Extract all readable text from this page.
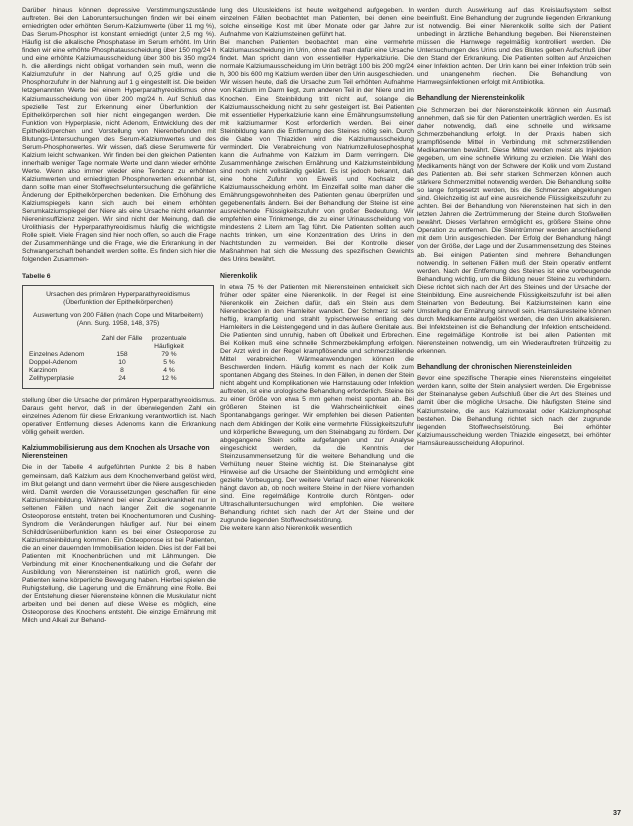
Darüber hinaus können depressive Verstimmungszustände auftreten. Bei den Laboruntersuchungen finden wir bei einem erniedrigten oder erhöhten Serum-Kalziumwerte (über 11 mg %), Das Serum-Phosphor ist konstant erniedrigt (unter 2,5 mg %). Häufig ist die alkalische Phosphatase im Serum erhöht. Im Urin finden wir eine erhöhte Phosphatausscheidung über 150 mg/24 h und eine erhöhte Kalziumausscheidung über 300 bis 350 mg/24 h. die allerdings nicht obligat vorhanden sein muß, wenn die Kalziumzufuhr in der Nahrung auf 0,25 g/die und die Phosphorzufuhr in der Nahrung auf 1 g eingestellt ist. Die beiden letzgenannten Werte bei einem Hyperparathyreoidismus ohne Kalziumausscheidung von über 200 mg/24 h. Auf Schluß das spezielle Test zur Erkennung einer Überfunktion der Epithelkörperchen soll hier nicht eingegangen werden. Die Funktion von Hyperplasie, nicht Adenom, Entwicklung des der Epithelkörperchen und Vorstellung von Nierenbefunden mit Blutungs-Untersuchungen des Serum-Kalziumwertes und des Serum-Phosphorwertes. Wir wissen, daß diese Serumwerte für Kalzium leicht schwanken. Wir finden bei den gleichen Patienten innerhalb weniger Tage normale Werte und dann wieder erhöhte Werte. Wenn also immer wieder eine Tendenz zu erhöhten Kalziumwerten und erniedrigten Phosphorwerten erkennbar ist, dann sollte man einer Stoffwechseluntersuchung die gefährliche Änderung der Epithelkörperchen bedenken. Die Erhöhung des Kalziumspiegels kann sich auch bei einem erhöhten Serumkalziumspiegel der Niere als eine Ursache nicht erkannter Niereninsuffizienz zeigen. Wir sind nicht der Meinung, daß die Urolithiasis der Hyperparathyreoidismus häufig die wichtigste Rolle spielt. Viele Fragen sind hier noch offen, so auch die Frage der Zusammenhänge und die Frage, wie die Erkrankung in der Schwangerschaft behandelt werden sollte. Es finden sich hier die folgenden Zusammen-

Tabelle 6
Ursachen des primären Hyperparathyreoidismus (Überfunktion der Epithelkörperchen)
Auswertung von 200 Fällen (nach Cope und Mitarbeitern) (Ann. Surg. 1958, 148, 375)
Zahl der Fälle	prozentuale Häufigkeit
Einzelnes Adenom	158	79 %
Doppel-Adenom	10	5 %
Karzinom	8	4 %
Zellhyperplasie	24	12 %

stellung über die Ursache der primären Hyperparathyreoidismus. Daraus geht hervor, daß in der überwiegenden Zahl ein einzelnes Adenom für diese Erkrankung verantwortlich ist. Nach operativer Entfernung dieses Adenoms kann die Erkrankung völlig geheilt werden.

Kalziummobilisierung aus dem Knochen als Ursache von Nierensteinen

Die in der Tabelle 4 aufgeführten Punkte 2 bis 8 haben gemeinsam, daß Kalzium aus dem Knochenverband gelöst wird, im Blut gelangt und dann vermehrt über die Niere ausgeschieden wird. Damit werden die Voraussetzungen geschaffen für eine Kalziumsteinbildung. Während bei einer Zuckerkrankheit nur in seltenen Fällen und nach langer Zeit die sogenannte Osteoporose entsteht, treten bei Knochentumoren und Cushing-Syndrom die Veränderungen häufiger auf. Nur bei einem Schilddrüsenüberfunktion kann es bei einer Osteoporose zu Kalziumsteinbildung kommen. Ein Osteoporose ist bei Patienten, die an einer dauernden Immobilisation leiden. Dies ist der Fall bei Patienten mit Knochenbrüchen und mit Lähmungen. Die Verbindung mit einer Knochenentkalkung und die Gefahr der Ausbildung von Nierensteinen ist natürlich groß, wenn die Patienten keine körperliche Bewegung haben. Hierbei spielen die Ruhigstellung, die Lagerung und die Ernährung eine Rolle. Bei der Entstehung dieser Nierensteine können die Muskulatur nicht arbeiten und bei denen auf diese Weise es möglich, eine Osteoporose des Knochens entsteht. Die einzige Ernährung mit Milch und Alkali zur Behand-

lung des Ulcusleidens ist heute weitgehend aufgegeben. In einzelnen Fällen beobachtet man Patienten, bei denen eine solche einseitige Kost mit über Monate oder gar Jahre zur Aufnahme von Kalziumsteinen geführt hat.

Bei manchen Patienten beobachtet man eine vermehrte Kalziumausscheidung im Urin, ohne daß man dafür eine Ursache findet. Man spricht dann von essentieller Hyperkalziurie. Die normale Kalziumausscheidung im Urin beträgt 100 bis 200 mg/24 h, 300 bis 600 mg Kalzium werden über den Urin ausgeschieden. Wir wissen heute, daß die Ursache zum Teil erhöhten Aufnahme von Kalzium im Darm liegt, zum anderen Teil in der Niere und im Knochen. Eine Steinbildung tritt nicht auf, solange die Kalziumausscheidung nicht zu sehr gesteigert ist. Bei Patienten mit essentieller Hyperkalziurie kann eine Ernährungsumstellung mit kalziumarmer Kost erforderlich werden. Bei einer Steinbildung kann die Entfernung des Steines nötig sein. Durch die Gabe von Thiaziden wird die Kalziumausscheidung vermindert. Die Verabreichung von Natriumzellulosephosphat kann die Aufnahme von Kalzium im Darm verringern. Die Zusammenhänge zwischen Ernährung und Kalziumsteinbildung sind noch nicht vollständig geklärt. Es ist jedoch bekannt, daß eine hohe Zufuhr von Eiweiß und Kochsalz die Kalziumausscheidung erhöht. Im Einzelfall sollte man daher die Ernährungsgewohnheiten des Patienten genau überprüfen und gegebenenfalls ändern. Bei der Behandlung der Steine ist eine ausreichende Flüssigkeitszufuhr von großer Bedeutung. Wir empfehlen eine Trinkmenge, die zu einer Urinausscheidung von mindestens 2 Litern am Tag führt. Die Patienten sollten auch nachts trinken, um eine Konzentration des Urins in den Nachtstunden zu vermeiden. Bei der Kontrolle dieser Maßnahmen hat sich die Messung des spezifischen Gewichts des Urins bewährt.

Nierenkolik

In etwa 75 % der Patienten mit Nierensteinen entwickelt sich früher oder später eine Nierenkolik. In der Regel ist eine Nierenkolik ein Zeichen dafür, daß ein Stein aus dem Nierenbecken in den Harnleiter wandert. Der Schmerz ist sehr heftig, krampfartig und strahlt typischerweise entlang des Harnleiters in die Leistengegend und in das äußere Genitale aus. Die Patienten sind unruhig, haben oft Übelkeit und Erbrechen. Bei Koliken muß eine schnelle Schmerzbekämpfung erfolgen. Der Arzt wird in der Regel krampflösende und schmerzstillende Mittel verabreichen. Wärmeanwendungen können die Beschwerden lindern. Häufig kommt es nach der Kolik zum spontanen Abgang des Steines. In den Fällen, in denen der Stein nicht abgeht und Komplikationen wie Harnstauung oder Infektion auftreten, ist eine urologische Behandlung erforderlich. Steine bis zu einer Größe von etwa 5 mm gehen meist spontan ab. Bei größeren Steinen ist die Wahrscheinlichkeit eines Spontanabgangs geringer. Wir empfehlen bei diesen Patienten nach dem Abklingen der Kolik eine vermehrte Flüssigkeitszufuhr und körperliche Bewegung, um den Steinabgang zu fördern. Der abgegangene Stein sollte aufgefangen und zur Analyse eingeschickt werden, da die Kenntnis der Steinzusammensetzung für die weitere Behandlung und die Verhütung neuer Steine wichtig ist. Die Steinanalyse gibt Hinweise auf die Ursache der Steinbildung und ermöglicht eine gezielte Vorbeugung. Der weitere Verlauf nach einer Nierenkolik hängt davon ab, ob noch weitere Steine in der Niere vorhanden sind. Eine regelmäßige Kontrolle durch Röntgen- oder Ultraschalluntersuchungen wird empfohlen. Die weitere Behandlung richtet sich nach der Art der Steine und der zugrunde liegenden Stoffwechselstörung.

Die weitere kann also Nierenkolik wesentlich

werden durch Auswirkung auf das Kreislaufsystem selbst beeinflußt. Eine Behandlung der zugrunde liegenden Erkrankung ist notwendig. Bei einer Nierenkolik sollte sich der Patient unbedingt in ärztliche Behandlung begeben. Bei Nierensteinen müssen die Harnwege regelmäßig kontrolliert werden. Die Untersuchungen des Urins und des Blutes geben Aufschluß über den Stand der Erkrankung. Die Patienten sollten auf Anzeichen einer Infektion achten. Der Urin kann bei einer Infektion trüb sein und unangenehm riechen. Die Behandlung von Harnwegsinfektionen erfolgt mit Antibiotika.

Behandlung der Nierensteinkolik

Die Schmerzen bei der Nierensteinkolik können ein Ausmaß annehmen, daß sie für den Patienten unerträglich werden. Es ist daher notwendig, daß eine schnelle und wirksame Schmerzbehandlung erfolgt. In der Praxis haben sich krampflösende Mittel in Verbindung mit schmerzstillenden Medikamenten bewährt. Diese Mittel werden meist als Injektion gegeben, um eine schnelle Wirkung zu erzielen. Die Wahl des Medikaments hängt von der Schwere der Kolik und vom Zustand des Patienten ab. Bei sehr starken Schmerzen können auch stärkere Schmerzmittel notwendig werden. Die Behandlung sollte so lange fortgesetzt werden, bis die Schmerzen abgeklungen sind. Gleichzeitig ist auf eine ausreichende Flüssigkeitszufuhr zu achten. Bei der Behandlung von Nierensteinen hat sich in den letzten Jahren die Zertrümmerung der Steine durch Stoßwellen bewährt. Dieses Verfahren ermöglicht es, größere Steine ohne Operation zu entfernen. Die Steintrümmer werden anschließend mit dem Urin ausgeschieden. Der Erfolg der Behandlung hängt von der Größe, der Lage und der Zusammensetzung des Steines ab. Bei einigen Patienten sind mehrere Behandlungen notwendig. In seltenen Fällen muß der Stein operativ entfernt werden. Nach der Entfernung des Steines ist eine vorbeugende Behandlung wichtig, um die Bildung neuer Steine zu verhindern. Diese richtet sich nach der Art des Steines und der Ursache der Steinbildung. Eine ausreichende Flüssigkeitszufuhr ist bei allen Steinarten von Bedeutung. Bei Kalziumsteinen kann eine Umstellung der Ernährung sinnvoll sein. Harnsäuresteine können durch Medikamente aufgelöst werden, die den Urin alkalisieren. Bei Infektsteinen ist die Behandlung der Infektion entscheidend. Eine regelmäßige Kontrolle ist bei allen Patienten mit Nierensteinen notwendig, um ein Wiederauftreten frühzeitig zu erkennen.

Behandlung der chronischen Nierensteinleiden

Bevor eine spezifische Therapie eines Nierensteins eingeleitet werden kann, sollte der Stein analysiert werden. Die Ergebnisse der Steinanalyse geben Aufschluß über die Art des Steines und damit über die mögliche Ursache. Die häufigsten Steine sind Kalziumsteine, die aus Kalziumoxalat oder Kalziumphosphat bestehen. Die Behandlung richtet sich nach der zugrunde liegenden Stoffwechselstörung. Bei erhöhter Kalziumausscheidung werden Thiazide eingesetzt, bei erhöhter Harnsäureausscheidung Allopurinol.

37
